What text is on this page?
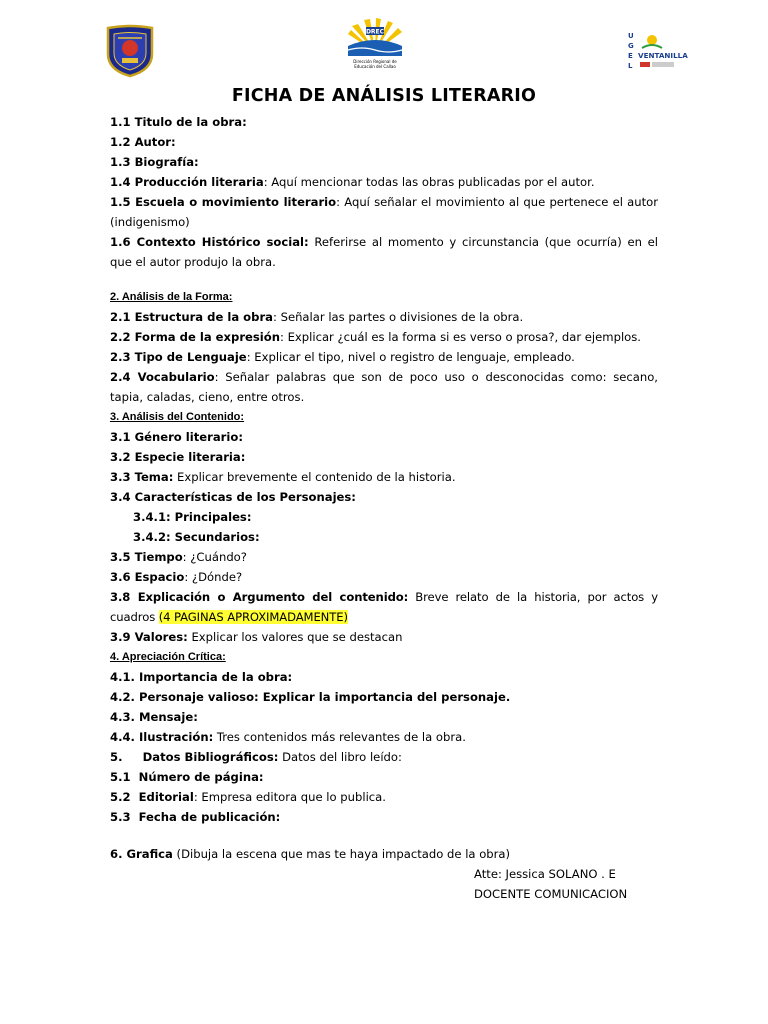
DREC
Dirección Regional de
Educación del Callao
U
G
E
L
VENTANILLA
FICHA DE ANÁLISIS LITERARIO
1.1 Titulo de la obra:
1.2 Autor:
1.3 Biografía:
1.4 Producción literaria: Aquí mencionar todas las obras publicadas por el autor.
1.5 Escuela o movimiento literario: Aquí señalar el movimiento al que pertenece el autor (indigenismo)
1.6 Contexto Histórico social: Referirse al momento y circunstancia (que ocurría) en el que el autor produjo la obra.
2. Análisis de la Forma:
2.1 Estructura de la obra: Señalar las partes o divisiones de la obra.
2.2 Forma de la expresión: Explicar ¿cuál es la forma si es verso o prosa?, dar ejemplos.
2.3 Tipo de Lenguaje: Explicar el tipo, nivel o registro de lenguaje, empleado.
2.4 Vocabulario: Señalar palabras que son de poco uso o desconocidas como: secano, tapia, caladas, cieno, entre otros.
3. Análisis del Contenido:
3.1 Género literario:
3.2 Especie literaria:
3.3 Tema: Explicar brevemente el contenido de la historia.
3.4 Características de los Personajes:
3.4.1: Principales:
3.4.2: Secundarios:
3.5 Tiempo: ¿Cuándo?
3.6 Espacio: ¿Dónde?
3.8 Explicación o Argumento del contenido: Breve relato de la historia, por actos y cuadros (4 PAGINAS APROXIMADAMENTE)
3.9 Valores: Explicar los valores que se destacan
4. Apreciación Crítica:
4.1. Importancia de la obra:
4.2. Personaje valioso: Explicar la importancia del personaje.
4.3. Mensaje:
4.4. Ilustración: Tres contenidos más relevantes de la obra.
5.     Datos Bibliográficos: Datos del libro leído:
5.1  Número de página:
5.2  Editorial: Empresa editora que lo publica.
5.3  Fecha de publicación:
6. Grafica (Dibuja la escena que mas te haya impactado de la obra)
Atte: Jessica SOLANO . E
DOCENTE COMUNICACION
